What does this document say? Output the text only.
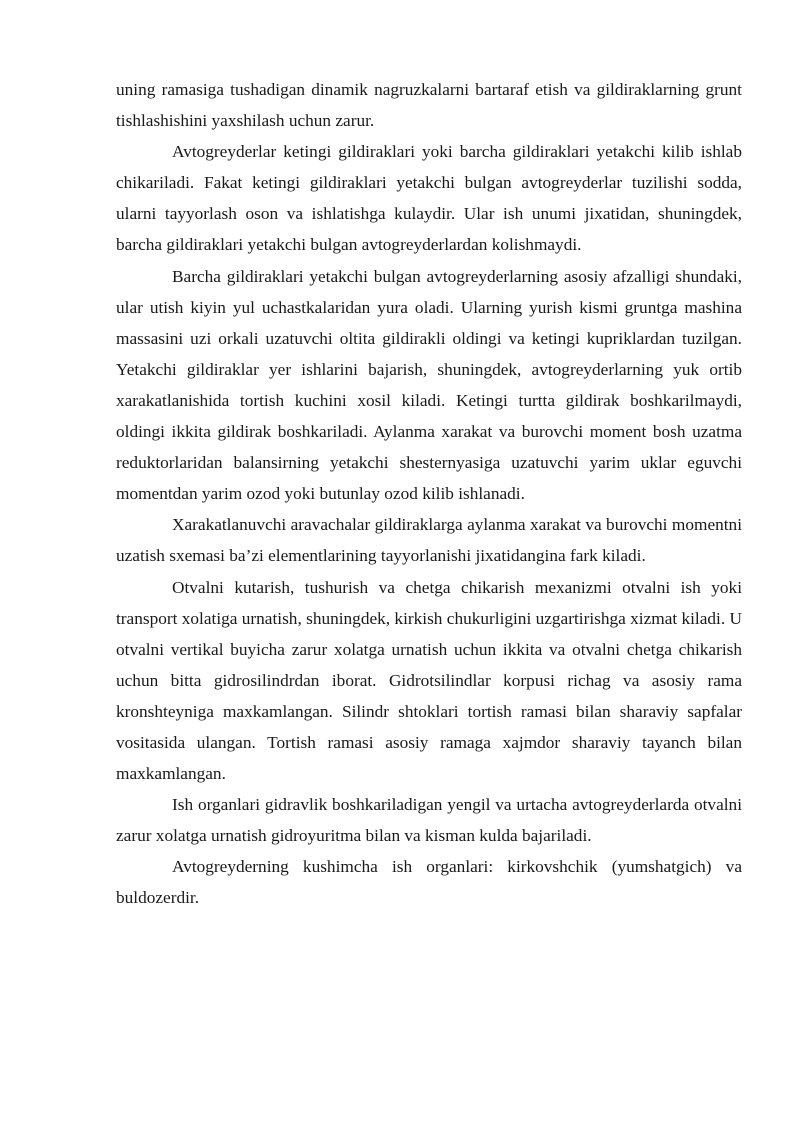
uning ramasiga tushadigan dinamik nagruzkalarni bartaraf etish va gildiraklarning grunt tishlashishini yaxshilash uchun zarur.

Avtogreyderlar ketingi gildiraklari yoki barcha gildiraklari yetakchi kilib ishlab chikariladi. Fakat ketingi gildiraklari yetakchi bulgan avtogreyderlar tuzilishi sodda, ularni tayyorlash oson va ishlatishga kulaydir. Ular ish unumi jixatidan, shuningdek, barcha gildiraklari yetakchi bulgan avtogreyderlardan kolishmaydi.

Barcha gildiraklari yetakchi bulgan avtogreyderlarning asosiy afzalligi shundaki, ular utish kiyin yul uchastkalaridan yura oladi. Ularning yurish kismi gruntga mashina massasini uzi orkali uzatuvchi oltita gildirakli oldingi va ketingi kupriklardan tuzilgan. Yetakchi gildiraklar yer ishlarini bajarish, shuningdek, avtogreyderlarning yuk ortib xarakatlanishida tortish kuchini xosil kiladi. Ketingi turtta gildirak boshkarilmaydi, oldingi ikkita gildirak boshkariladi. Aylanma xarakat va burovchi moment bosh uzatma reduktorlaridan balansirning yetakchi shesternyasiga uzatuvchi yarim uklar eguvchi momentdan yarim ozod yoki butunlay ozod kilib ishlanadi.

Xarakatlanuvchi aravachalar gildiraklarga aylanma xarakat va burovchi momentni uzatish sxemasi ba’zi elementlarining tayyorlanishi jixatidangina fark kiladi.

Otvalni kutarish, tushurish va chetga chikarish mexanizmi otvalni ish yoki transport xolatiga urnatish, shuningdek, kirkish chukurligini uzgartirishga xizmat kiladi. U otvalni vertikal buyicha zarur xolatga urnatish uchun ikkita va otvalni chetga chikarish uchun bitta gidrosilindrdan iborat. Gidrotsilindlar korpusi richag va asosiy rama kronshteyniga maxkamlangan. Silindr shtoklari tortish ramasi bilan sharaviy sapfalar vositasida ulangan. Tortish ramasi asosiy ramaga xajmdor sharaviy tayanch bilan maxkamlangan.

Ish organlari gidravlik boshkariladigan yengil va urtacha avtogreyderlarda otvalni zarur xolatga urnatish gidroyuritma bilan va kisman kulda bajariladi.

Avtogreyderning kushimcha ish organlari: kirkovshchik (yumshatgich) va buldozerdir.
